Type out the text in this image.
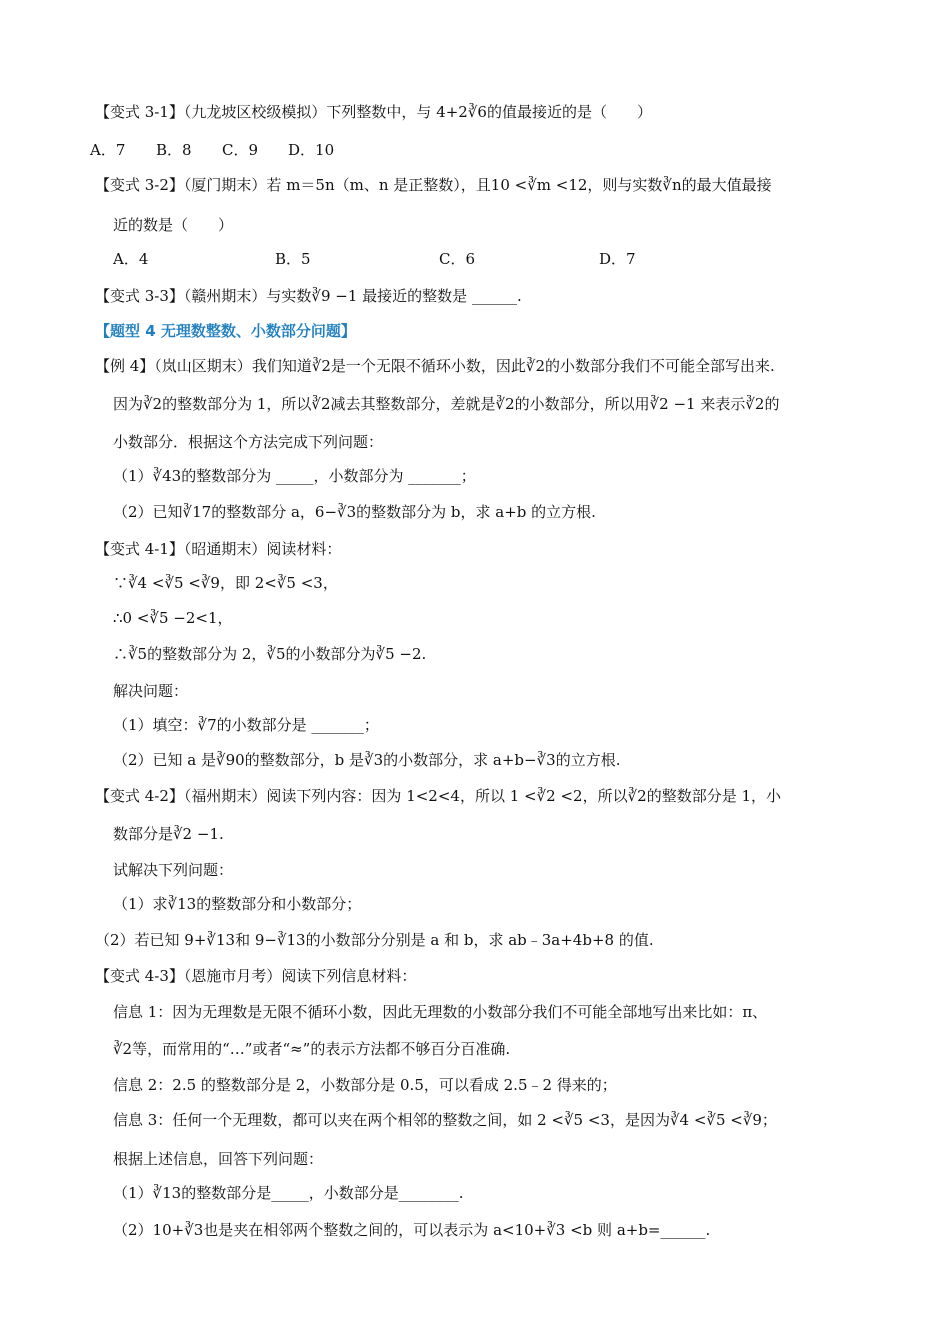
【变式 3-1】（九龙坡区校级模拟）下列整数中，与 4+2∛6的值最接近的是（　　）
A．7	B．8	C．9	D．10
【变式 3-2】（厦门期末）若 m＝5n（m、n 是正整数），且10 <∛m <12，则与实数∛n的最大值最接
近的数是（　　）
A．4	B．5	C．6	D．7
【变式 3-3】（赣州期末）与实数∛9 −1 最接近的整数是 ______.
【题型 4 无理数整数、小数部分问题】
【例 4】（岚山区期末）我们知道∛2是一个无限不循环小数，因此∛2的小数部分我们不可能全部写出来.
因为∛2的整数部分为 1，所以∛2减去其整数部分，差就是∛2的小数部分，所以用∛2 −1 来表示∛2的
小数部分．根据这个方法完成下列问题：
（1）∛43的整数部分为 _____，小数部分为 _______；
（2）已知∛17的整数部分 a，6−∛3的整数部分为 b，求 a+b 的立方根.
【变式 4-1】（昭通期末）阅读材料：
∵∛4 <∛5 <∛9，即 2<∛5 <3，
∴0 <∛5 −2<1，
∴∛5的整数部分为 2，∛5的小数部分为∛5 −2.
解决问题：
（1）填空：∛7的小数部分是 _______；
（2）已知 a 是∛90的整数部分，b 是∛3的小数部分，求 a+b−∛3的立方根.
【变式 4-2】（福州期末）阅读下列内容：因为 1<2<4，所以 1 <∛2 <2，所以∛2的整数部分是 1，小
数部分是∛2 −1.
试解决下列问题：
（1）求∛13的整数部分和小数部分；
（2）若已知 9+∛13和 9−∛13的小数部分分别是 a 和 b，求 ab﹣3a+4b+8 的值.
【变式 4-3】（恩施市月考）阅读下列信息材料：
信息 1：因为无理数是无限不循环小数，因此无理数的小数部分我们不可能全部地写出来比如：π、
∛2等，而常用的“…”或者“≈”的表示方法都不够百分百准确.
信息 2：2.5 的整数部分是 2，小数部分是 0.5，可以看成 2.5﹣2 得来的；
信息 3：任何一个无理数，都可以夹在两个相邻的整数之间，如 2 <∛5 <3，是因为∛4 <∛5 <∛9；
根据上述信息，回答下列问题：
（1）∛13的整数部分是_____，小数部分是________.
（2）10+∛3也是夹在相邻两个整数之间的，可以表示为 a<10+∛3 <b 则 a+b=______.
